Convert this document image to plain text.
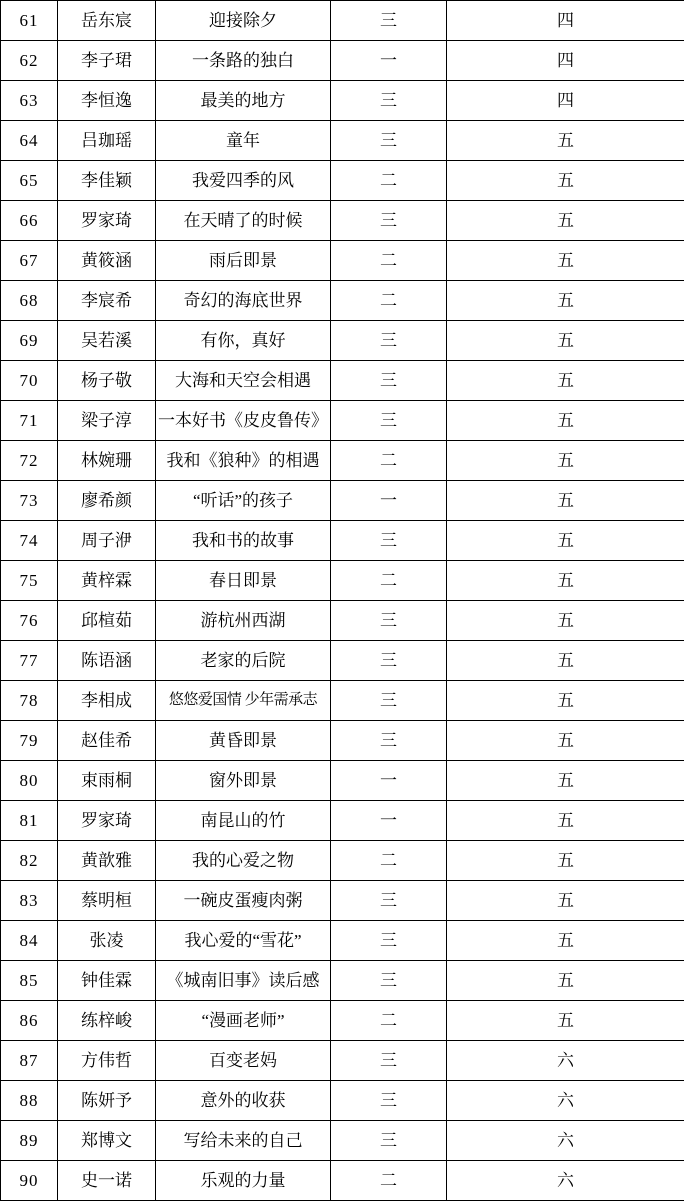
61	岳东宸	迎接除夕	三	四
62	李子珺	一条路的独白	一	四
63	李恒逸	最美的地方	三	四
64	吕珈瑶	童年	三	五
65	李佳颖	我爱四季的风	二	五
66	罗家琦	在天晴了的时候	三	五
67	黄筱涵	雨后即景	二	五
68	李宸希	奇幻的海底世界	二	五
69	吴若溪	有你，真好	三	五
70	杨子敬	大海和天空会相遇	三	五
71	梁子淳	一本好书《皮皮鲁传》	三	五
72	林婉珊	我和《狼种》的相遇	二	五
73	廖希颜	“听话”的孩子	一	五
74	周子洢	我和书的故事	三	五
75	黄梓霖	春日即景	二	五
76	邱楦茹	游杭州西湖	三	五
77	陈语涵	老家的后院	三	五
78	李相成	悠悠爱国情 少年需承志	三	五
79	赵佳希	黄昏即景	三	五
80	束雨桐	窗外即景	一	五
81	罗家琦	南昆山的竹	一	五
82	黄歆雅	我的心爱之物	二	五
83	蔡明桓	一碗皮蛋瘦肉粥	三	五
84	张凌	我心爱的“雪花”	三	五
85	钟佳霖	《城南旧事》读后感	三	五
86	练梓峻	“漫画老师”	二	五
87	方伟哲	百变老妈	三	六
88	陈妍予	意外的收获	三	六
89	郑博文	写给未来的自己	三	六
90	史一诺	乐观的力量	二	六
